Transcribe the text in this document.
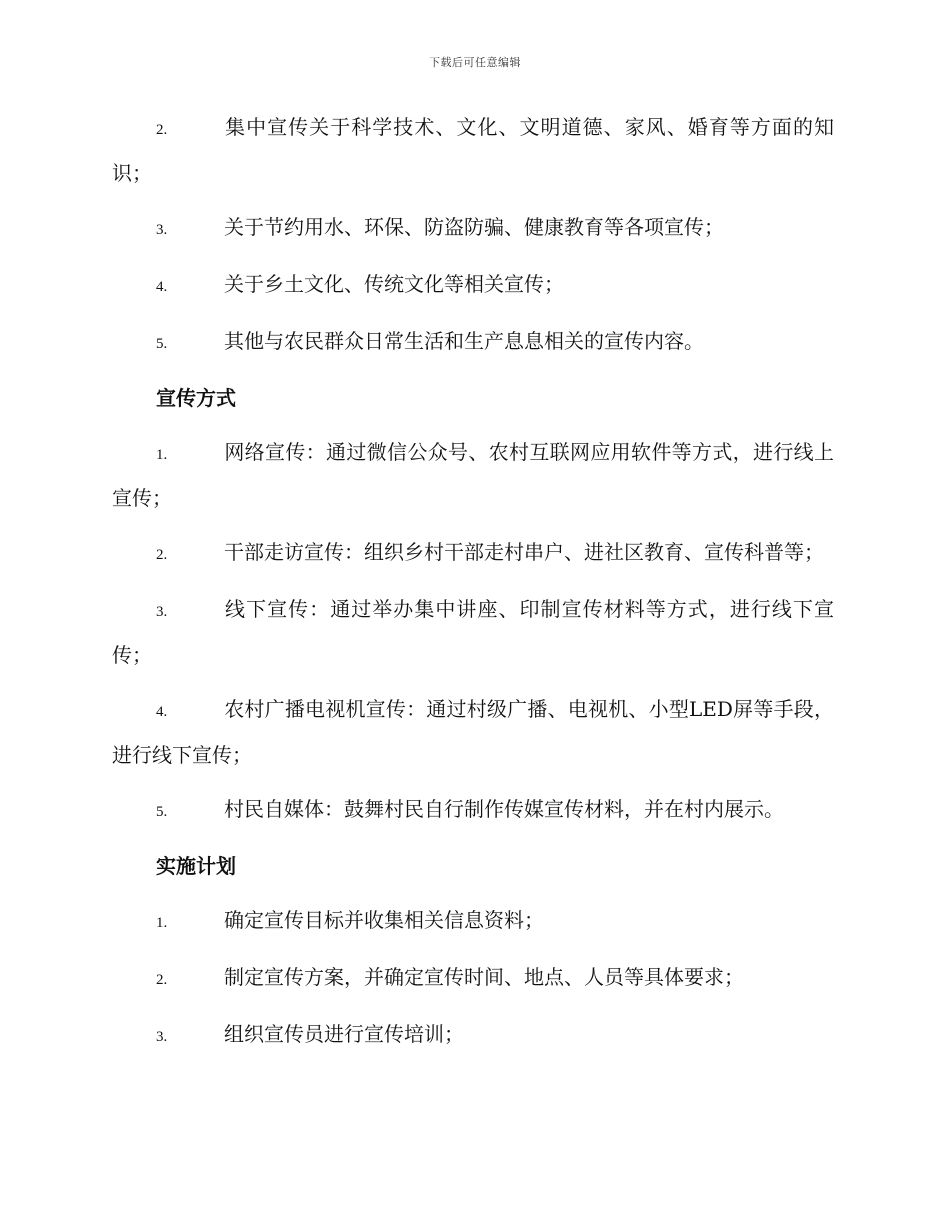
下载后可任意编辑

2.	集中宣传关于科学技术、文化、文明道德、家风、婚育等方面的知识；

3.	关于节约用水、环保、防盗防骗、健康教育等各项宣传；

4.	关于乡土文化、传统文化等相关宣传；

5.	其他与农民群众日常生活和生产息息相关的宣传内容。

宣传方式

1.	网络宣传：通过微信公众号、农村互联网应用软件等方式，进行线上宣传；

2.	干部走访宣传：组织乡村干部走村串户、进社区教育、宣传科普等；

3.	线下宣传：通过举办集中讲座、印制宣传材料等方式，进行线下宣传；

4.	农村广播电视机宣传：通过村级广播、电视机、小型LED屏等手段，进行线下宣传；

5.	村民自媒体：鼓舞村民自行制作传媒宣传材料，并在村内展示。

实施计划

1.	确定宣传目标并收集相关信息资料；

2.	制定宣传方案，并确定宣传时间、地点、人员等具体要求；

3.	组织宣传员进行宣传培训；
